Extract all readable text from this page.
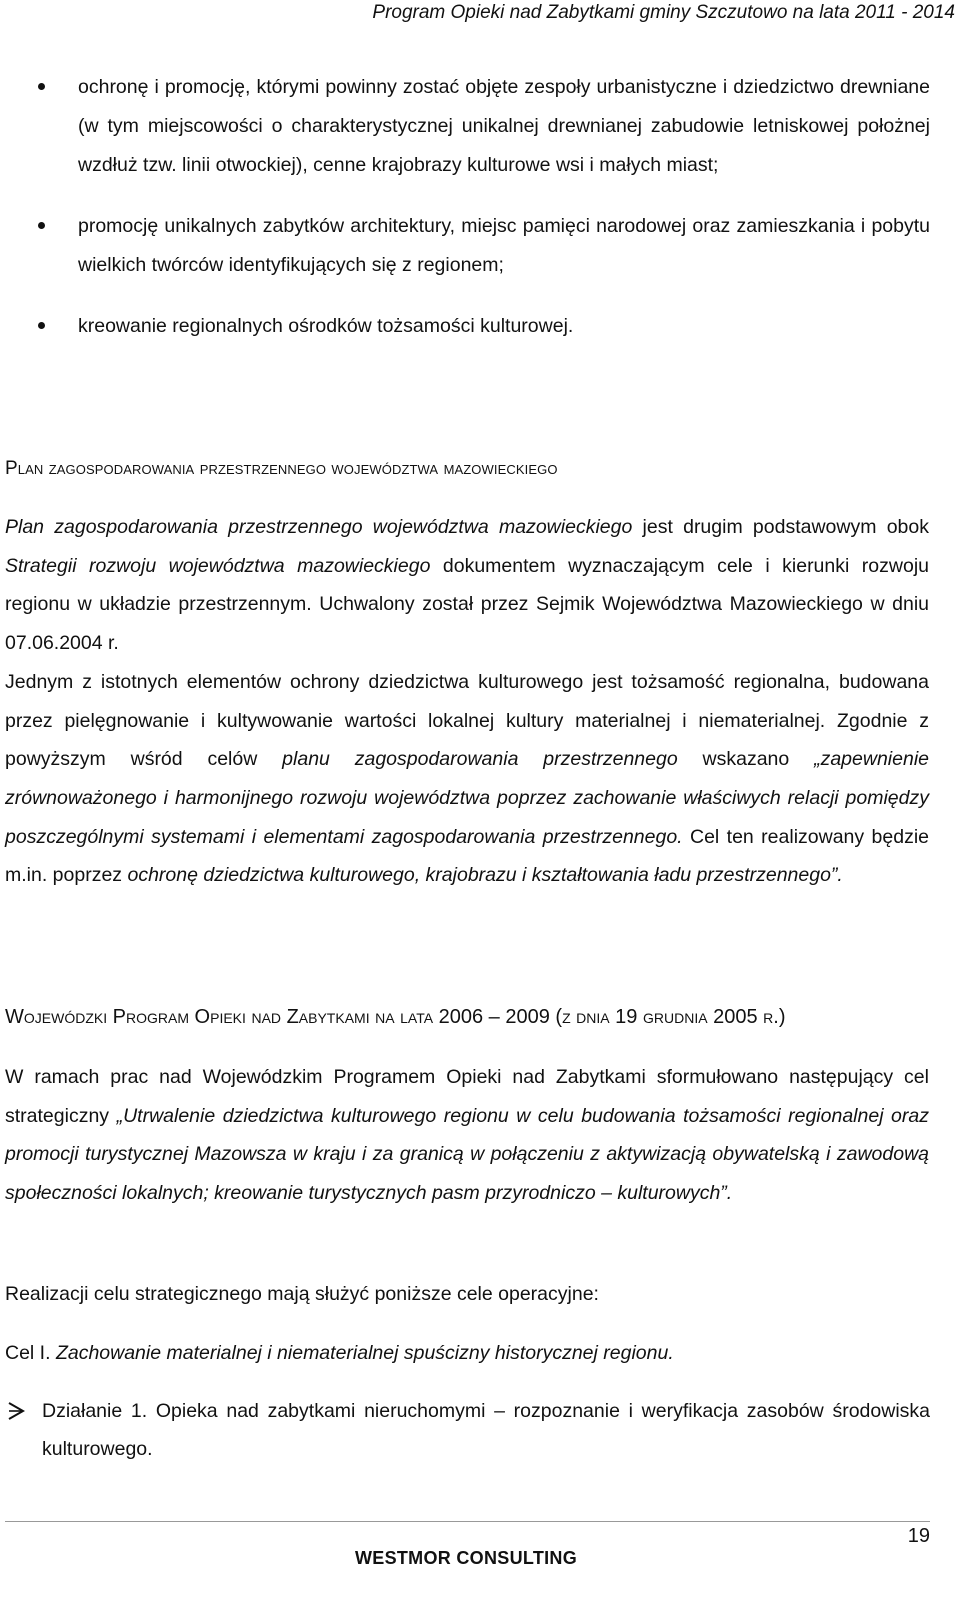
Program Opieki nad Zabytkami gminy Szczutowo na lata 2011 - 2014
ochronę i promocję, którymi powinny zostać objęte zespoły urbanistyczne i dziedzictwo drewniane (w tym miejscowości o charakterystycznej unikalnej drewnianej zabudowie letniskowej położnej wzdłuż tzw. linii otwockiej), cenne krajobrazy kulturowe wsi i małych miast;
promocję unikalnych zabytków architektury, miejsc pamięci narodowej oraz zamieszkania i pobytu wielkich twórców identyfikujących się z regionem;
kreowanie regionalnych ośrodków tożsamości kulturowej.
Plan zagospodarowania przestrzennego województwa mazowieckiego
Plan zagospodarowania przestrzennego województwa mazowieckiego jest drugim podstawowym obok Strategii rozwoju województwa mazowieckiego dokumentem wyznaczającym cele i kierunki rozwoju regionu w układzie przestrzennym. Uchwalony został przez Sejmik Województwa Mazowieckiego w dniu 07.06.2004 r.
Jednym z istotnych elementów ochrony dziedzictwa kulturowego jest tożsamość regionalna, budowana przez pielęgnowanie i kultywowanie wartości lokalnej kultury materialnej i niematerialnej. Zgodnie z powyższym wśród celów planu zagospodarowania przestrzennego wskazano „zapewnienie zrównoważonego i harmonijnego rozwoju województwa poprzez zachowanie właściwych relacji pomiędzy poszczególnymi systemami i elementami zagospodarowania przestrzennego. Cel ten realizowany będzie m.in. poprzez ochronę dziedzictwa kulturowego, krajobrazu i kształtowania ładu przestrzennego”.
Wojewódzki Program Opieki nad Zabytkami na lata 2006 – 2009 (z dnia 19 grudnia 2005 r.)
W ramach prac nad Wojewódzkim Programem Opieki nad Zabytkami sformułowano następujący cel strategiczny „Utrwalenie dziedzictwa kulturowego regionu w celu budowania tożsamości regionalnej oraz promocji turystycznej Mazowsza w kraju i za granicą w połączeniu z aktywizacją obywatelską i zawodową społeczności lokalnych; kreowanie turystycznych pasm przyrodniczo – kulturowych”.
Realizacji celu strategicznego mają służyć poniższe cele operacyjne:
Cel I. Zachowanie materialnej i niematerialnej spuścizny historycznej regionu.
Działanie 1. Opieka nad zabytkami nieruchomymi – rozpoznanie i weryfikacja zasobów środowiska kulturowego.
19
WESTMOR CONSULTING
